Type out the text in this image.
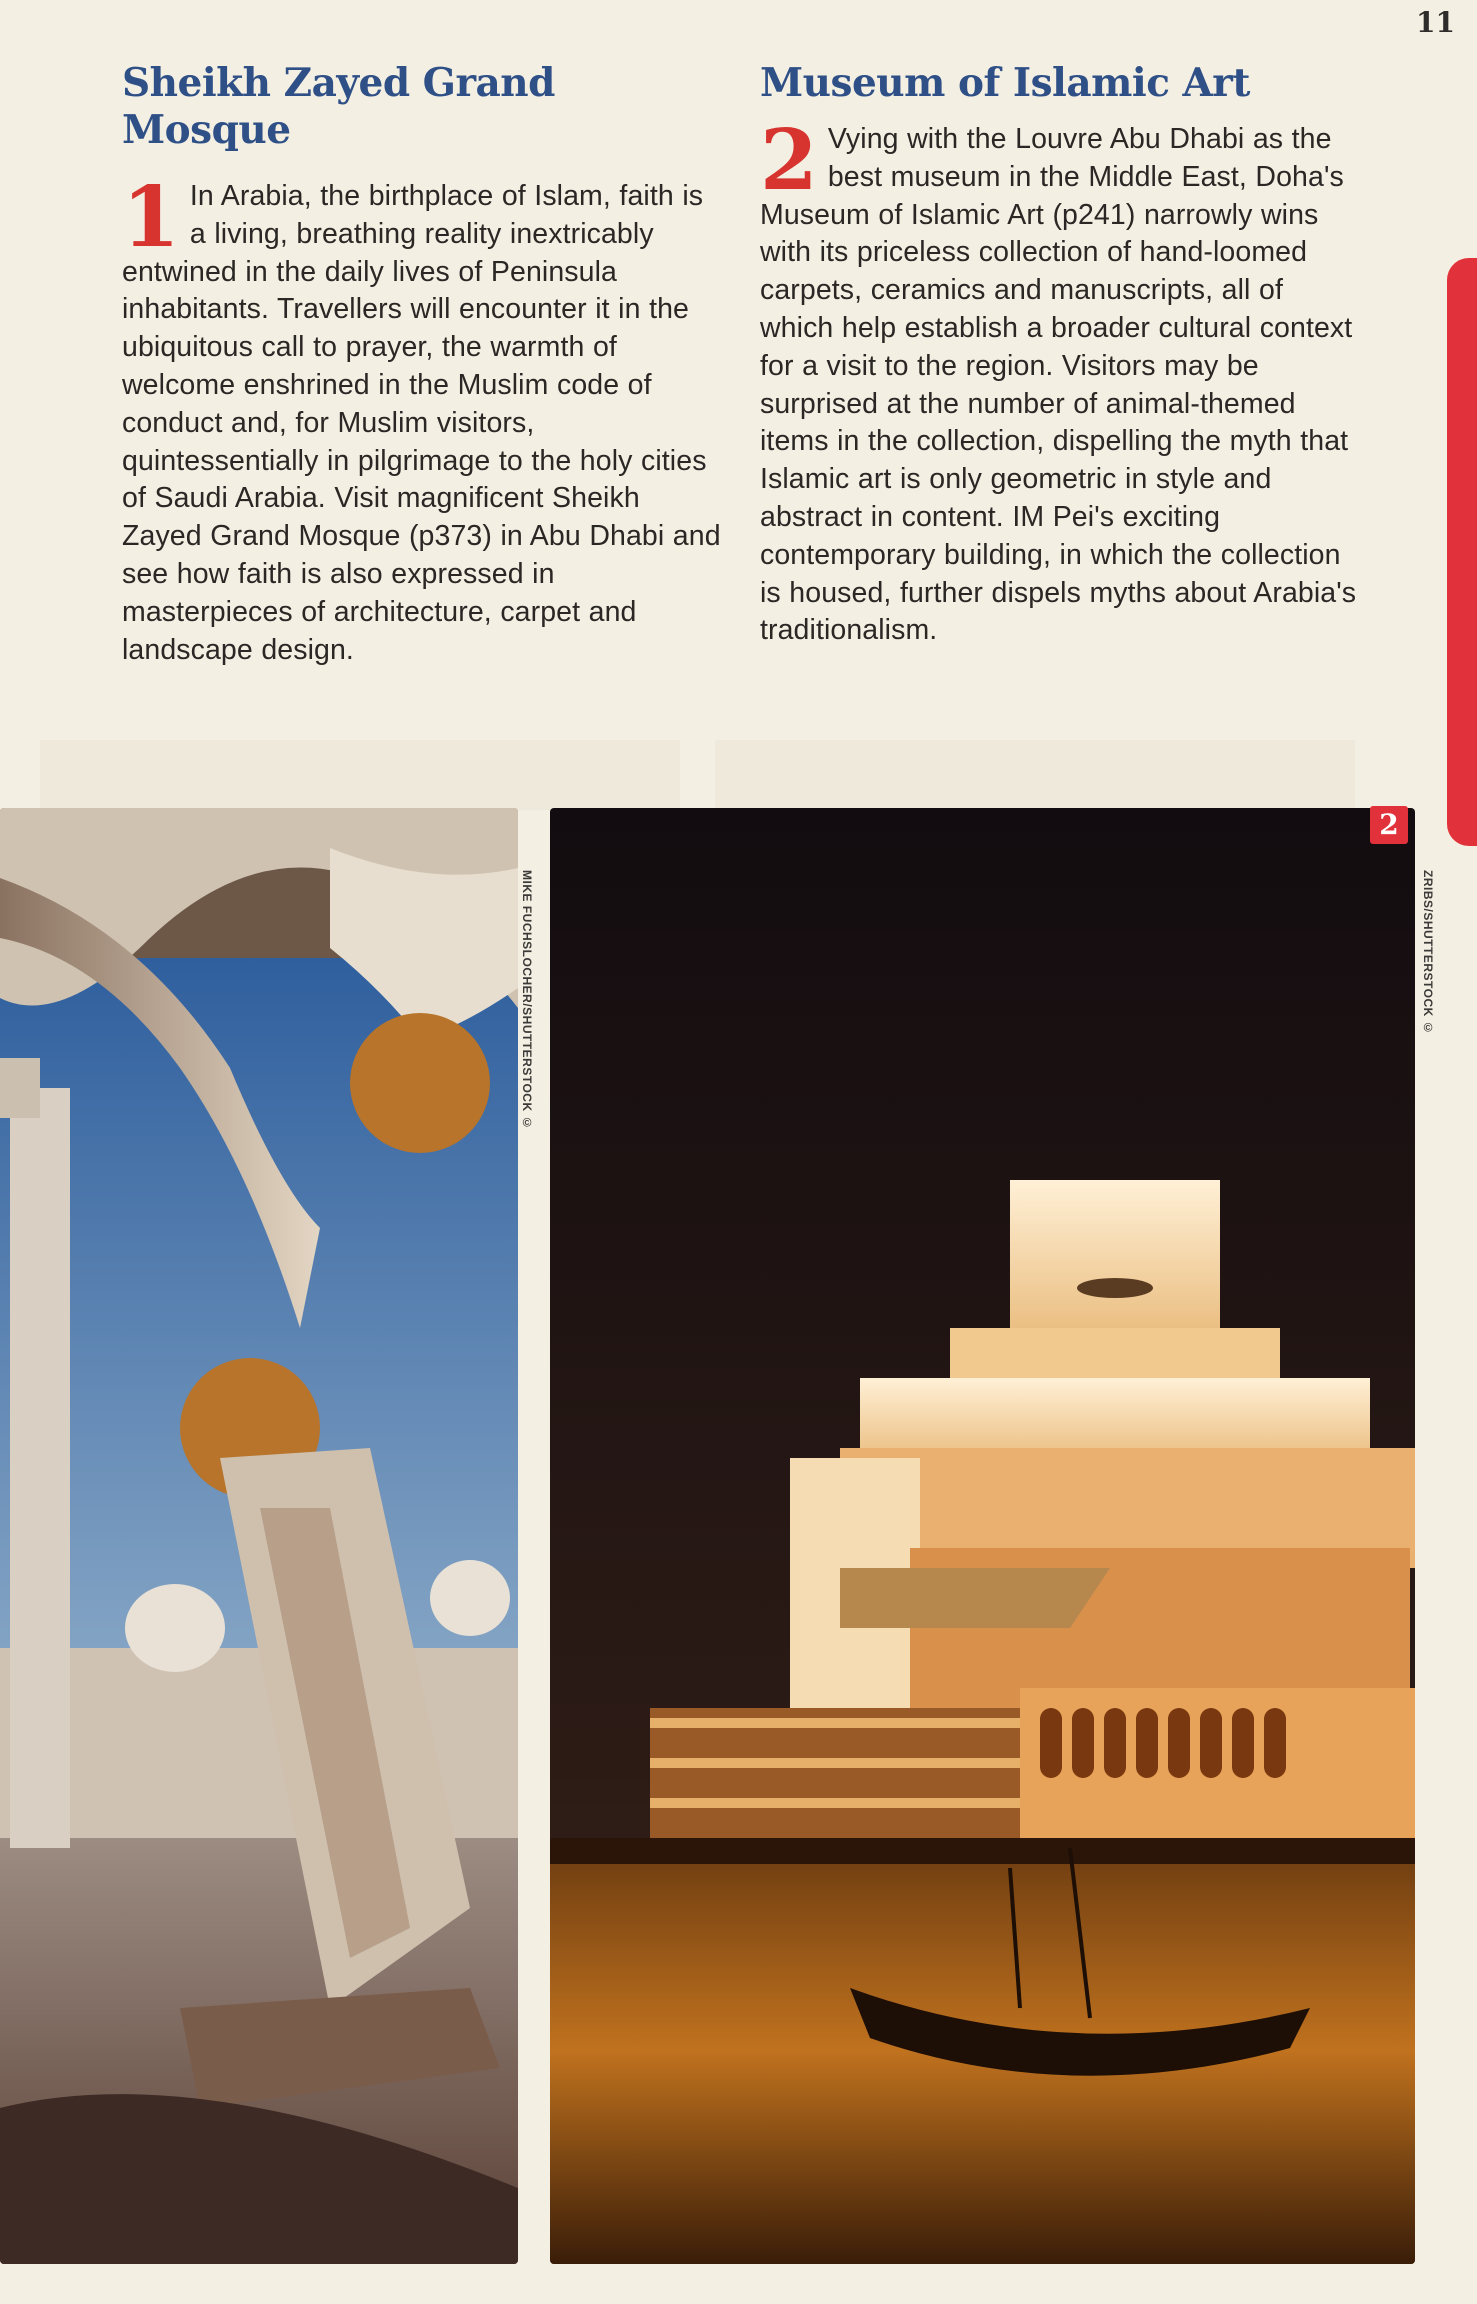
11
Sheikh Zayed Grand Mosque

1 In Arabia, the birthplace of Islam, faith is a living, breathing reality inextricably entwined in the daily lives of Peninsula inhabitants. Travellers will encounter it in the ubiquitous call to prayer, the warmth of welcome enshrined in the Muslim code of conduct and, for Muslim visitors, quintessentially in pilgrimage to the holy cities of Saudi Arabia. Visit magnificent Sheikh Zayed Grand Mosque (p373) in Abu Dhabi and see how faith is also expressed in masterpieces of architecture, carpet and landscape design.

Museum of Islamic Art

2 Vying with the Louvre Abu Dhabi as the best museum in the Middle East, Doha's Museum of Islamic Art (p241) narrowly wins with its priceless collection of hand-loomed carpets, ceramics and manuscripts, all of which help establish a broader cultural context for a visit to the region. Visitors may be surprised at the number of animal-themed items in the collection, dispelling the myth that Islamic art is only geometric in style and abstract in content. IM Pei's exciting contemporary building, in which the collection is housed, further dispels myths about Arabia's traditionalism.

MIKE FUCHSLOCHER/SHUTTERSTOCK ©
2
ZRIBS/SHUTTERSTOCK ©
